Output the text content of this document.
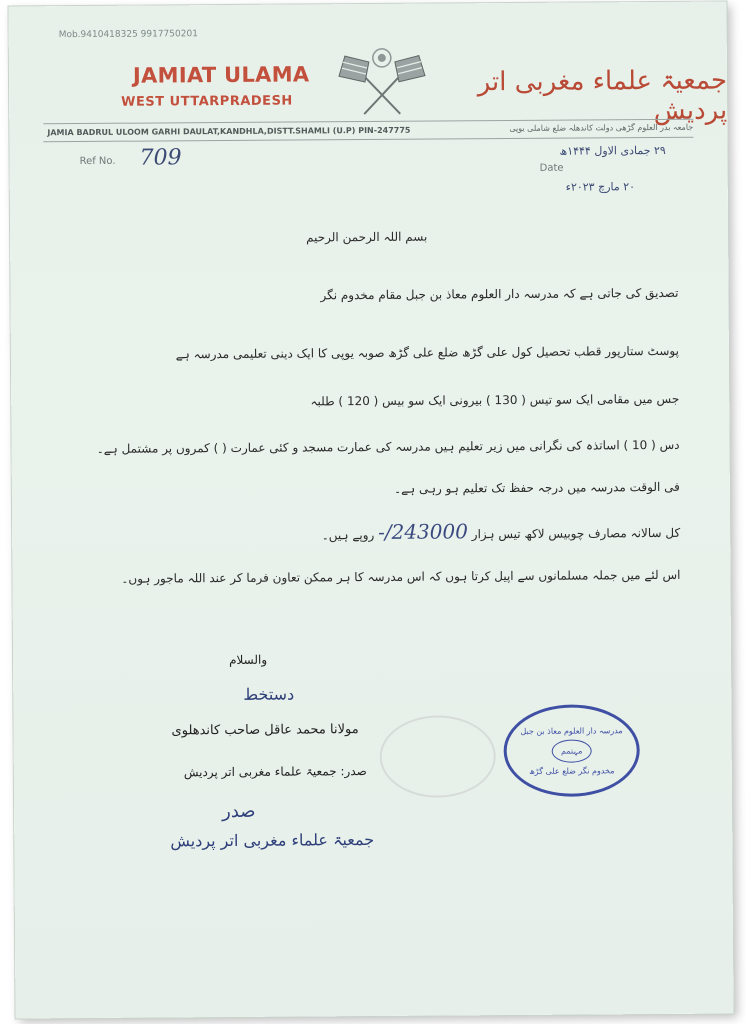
Mob.9410418325 9917750201
JAMIAT ULAMA
WEST UTTARPRADESH
جمعیۃ علماء مغربی اتر پردیش
JAMIA BADRUL ULOOM GARHI DAULAT,KANDHLA,DISTT.SHAMLI (U.P) PIN-247775	جامعہ بدر العلوم گڑھی دولت کاندھلہ ضلع شاملی یوپی
Ref No. 709	Date
۲۹ جمادی الاول ۱۴۴۴ھ
۲۰ مارچ ۲۰۲۳ء
بسم اللہ الرحمن الرحیم
تصدیق کی جاتی ہے کہ مدرسہ دار العلوم معاذ بن جبل مقام مخدوم نگر
پوسٹ ستارپور قطب تحصیل کول علی گڑھ ضلع علی گڑھ صوبہ یوپی کا ایک دینی تعلیمی مدرسہ ہے
جس میں مقامی ایک سو تیس ( 130 ) بیرونی ایک سو بیس ( 120 ) طلبہ
دس ( 10 ) اساتذہ کی نگرانی میں زیر تعلیم ہیں مدرسہ کی عمارت مسجد و کئی عمارت ( ) کمروں پر مشتمل ہے۔
فی الوقت مدرسہ میں درجہ حفظ تک تعلیم ہو رہی ہے۔
کل سالانہ مصارف چوبیس لاکھ تیس ہزار 243000/- روپے ہیں۔
اس لئے میں جملہ مسلمانوں سے اپیل کرتا ہوں کہ اس مدرسہ کا ہر ممکن تعاون فرما کر عند اللہ ماجور ہوں۔
والسلام
دستخط
مولانا محمد عاقل صاحب کاندھلوی
صدر: جمعیۃ علماء مغربی اتر پردیش
صدر
جمعیۃ علماء مغربی اتر پردیش
مدرسہ دار العلوم معاذ بن جبل
مہتمم
مخدوم نگر ضلع علی گڑھ
